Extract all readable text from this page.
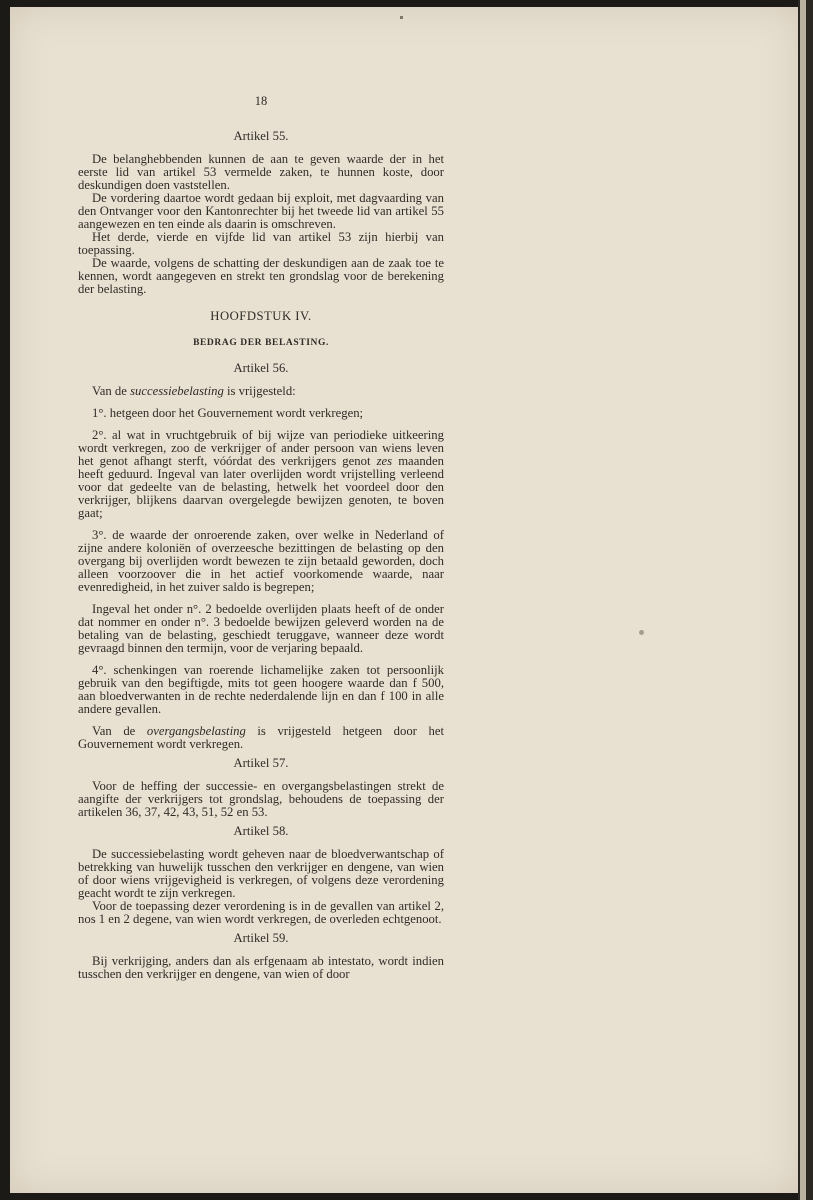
18
Artikel 55.

De belanghebbenden kunnen de aan te geven waarde der in het eerste lid van artikel 53 vermelde zaken, te hunnen koste, door deskundigen doen vaststellen.

De vordering daartoe wordt gedaan bij exploit, met dagvaarding van den Ontvanger voor den Kantonrechter bij het tweede lid van artikel 55 aangewezen en ten einde als daarin is omschreven.

Het derde, vierde en vijfde lid van artikel 53 zijn hierbij van toepassing.

De waarde, volgens de schatting der deskundigen aan de zaak toe te kennen, wordt aangegeven en strekt ten grondslag voor de berekening der belasting.

HOOFDSTUK IV.
BEDRAG DER BELASTING.
Artikel 56.

Van de successiebelasting is vrijgesteld:

1°. hetgeen door het Gouvernement wordt verkregen;

2°. al wat in vruchtgebruik of bij wijze van periodieke uitkeering wordt verkregen, zoo de verkrijger of ander persoon van wiens leven het genot afhangt sterft, vóórdat des verkrijgers genot zes maanden heeft geduurd. Ingeval van later overlijden wordt vrijstelling verleend voor dat gedeelte van de belasting, hetwelk het voordeel door den verkrijger, blijkens daarvan overgelegde bewijzen genoten, te boven gaat;

3°. de waarde der onroerende zaken, over welke in Nederland of zijne andere koloniën of overzeesche bezittingen de belasting op den overgang bij overlijden wordt bewezen te zijn betaald geworden, doch alleen voorzoover die in het actief voorkomende waarde, naar evenredigheid, in het zuiver saldo is begrepen;

Ingeval het onder n°. 2 bedoelde overlijden plaats heeft of de onder dat nommer en onder n°. 3 bedoelde bewijzen geleverd worden na de betaling van de belasting, geschiedt teruggave, wanneer deze wordt gevraagd binnen den termijn, voor de verjaring bepaald.

4°. schenkingen van roerende lichamelijke zaken tot persoonlijk gebruik van den begiftigde, mits tot geen hoogere waarde dan f 500, aan bloedverwanten in de rechte nederdalende lijn en dan f 100 in alle andere gevallen.

Van de overgangsbelasting is vrijgesteld hetgeen door het Gouvernement wordt verkregen.

Artikel 57.

Voor de heffing der successie- en overgangsbelastingen strekt de aangifte der verkrijgers tot grondslag, behoudens de toepassing der artikelen 36, 37, 42, 43, 51, 52 en 53.

Artikel 58.

De successiebelasting wordt geheven naar de bloedverwantschap of betrekking van huwelijk tusschen den verkrijger en dengene, van wien of door wiens vrijgevigheid is verkregen, of volgens deze verordening geacht wordt te zijn verkregen.

Voor de toepassing dezer verordening is in de gevallen van artikel 2, nos 1 en 2 degene, van wien wordt verkregen, de overleden echtgenoot.

Artikel 59.

Bij verkrijging, anders dan als erfgenaam ab intestato, wordt indien tusschen den verkrijger en dengene, van wien of door
